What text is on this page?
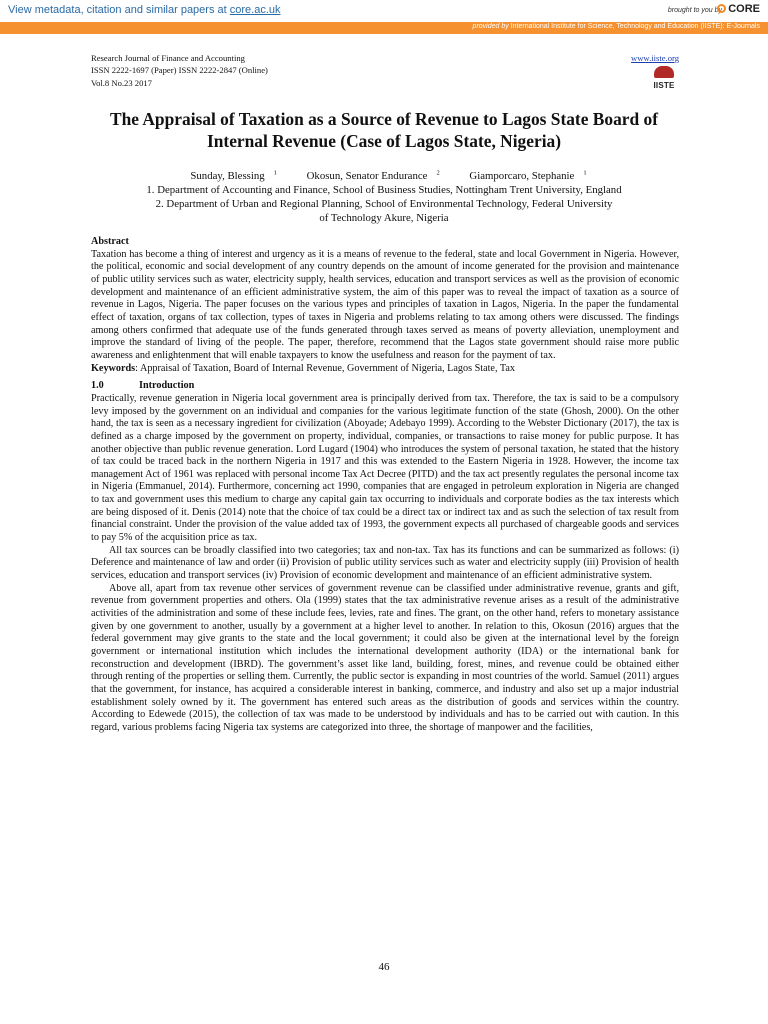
View metadata, citation and similar papers at core.ac.uk	brought to you by CORE
provided by International Institute for Science, Technology and Education (IISTE): E-Journals
Research Journal of Finance and Accounting
ISSN 2222-1697 (Paper) ISSN 2222-2847 (Online)
Vol.8 No.23 2017
www.iiste.org
IISTE
The Appraisal of Taxation as a Source of Revenue to Lagos State Board of Internal Revenue (Case of Lagos State, Nigeria)
Sunday, Blessing $^1$	Okosun, Senator Endurance $^2$	Giamporcaro, Stephanie $^1$
1. Department of Accounting and Finance, School of Business Studies, Nottingham Trent University, England
2. Department of Urban and Regional Planning, School of Environmental Technology, Federal University of Technology Akure, Nigeria

Abstract

Taxation has become a thing of interest and urgency as it is a means of revenue to the federal, state and local Government in Nigeria. However, the political, economic and social development of any country depends on the amount of income generated for the provision and maintenance of public utility services such as water, electricity supply, health services, education and transport services as well as the provision of economic development and maintenance of an efficient administrative system, the aim of this paper was to reveal the impact of taxation as a source of revenue in Lagos, Nigeria. The paper focuses on the various types and principles of taxation in Lagos, Nigeria. In the paper the fundamental effect of taxation, organs of tax collection, types of taxes in Nigeria and problems relating to tax among others were discussed. The findings among others confirmed that adequate use of the funds generated through taxes served as means of poverty alleviation, unemployment and improve the standard of living of the people. The paper, therefore, recommend that the Lagos state government should raise more public awareness and enlightenment that will enable taxpayers to know the usefulness and reason for the payment of tax.

Keywords: Appraisal of Taxation, Board of Internal Revenue, Government of Nigeria, Lagos State, Tax

1.0	Introduction

Practically, revenue generation in Nigeria local government area is principally derived from tax. Therefore, the tax is said to be a compulsory levy imposed by the government on an individual and companies for the various legitimate function of the state (Ghosh, 2000). On the other hand, the tax is seen as a necessary ingredient for civilization (Aboyade; Adebayo 1999). According to the Webster Dictionary (2017), the tax is defined as a charge imposed by the government on property, individual, companies, or transactions to raise money for public purpose. It has another objective than public revenue generation. Lord Lugard (1904) who introduces the system of personal taxation, he stated that the history of tax could be traced back in the northern Nigeria in 1917 and this was extended to the Eastern Nigeria in 1928. However, the income tax management Act of 1961 was replaced with personal income Tax Act Decree (PITD) and the tax act presently regulates the personal income tax in Nigeria (Emmanuel, 2014). Furthermore, concerning act 1990, companies that are engaged in petroleum exploration in Nigeria are changed to tax and government uses this medium to charge any capital gain tax occurring to individuals and corporate bodies as the tax interests which are being disposed of it. Denis (2014) note that the choice of tax could be a direct tax or indirect tax and as such the selection of tax result from financial constraint. Under the provision of the value added tax of 1993, the government expects all purchased of chargeable goods and services to pay 5% of the acquisition price as tax.

All tax sources can be broadly classified into two categories; tax and non-tax. Tax has its functions and can be summarized as follows: (i) Deference and maintenance of law and order (ii) Provision of public utility services such as water and electricity supply (iii) Provision of health services, education and transport services (iv) Provision of economic development and maintenance of an efficient administrative system.

Above all, apart from tax revenue other services of government revenue can be classified under administrative revenue, grants and gift, revenue from government properties and others. Ola (1999) states that the tax administrative revenue arises as a result of the administrative activities of the administration and some of these include fees, levies, rate and fines. The grant, on the other hand, refers to monetary assistance given by one government to another, usually by a government at a higher level to another. In relation to this, Okosun (2016) argues that the federal government may give grants to the state and the local government; it could also be given at the international level by the foreign government or international institution which includes the international development authority (IDA) or the international bank for reconstruction and development (IBRD). The government’s asset like land, building, forest, mines, and revenue could be obtained either through renting of the properties or selling them. Currently, the public sector is expanding in most countries of the world. Samuel (2011) argues that the government, for instance, has acquired a considerable interest in banking, commerce, and industry and also set up a major industrial establishment solely owned by it. The government has entered such areas as the distribution of goods and services within the country. According to Edewede (2015), the collection of tax was made to be understood by individuals and has to be carried out with caution. In this regard, various problems facing Nigeria tax systems are categorized into three, the shortage of manpower and the facilities,

46
